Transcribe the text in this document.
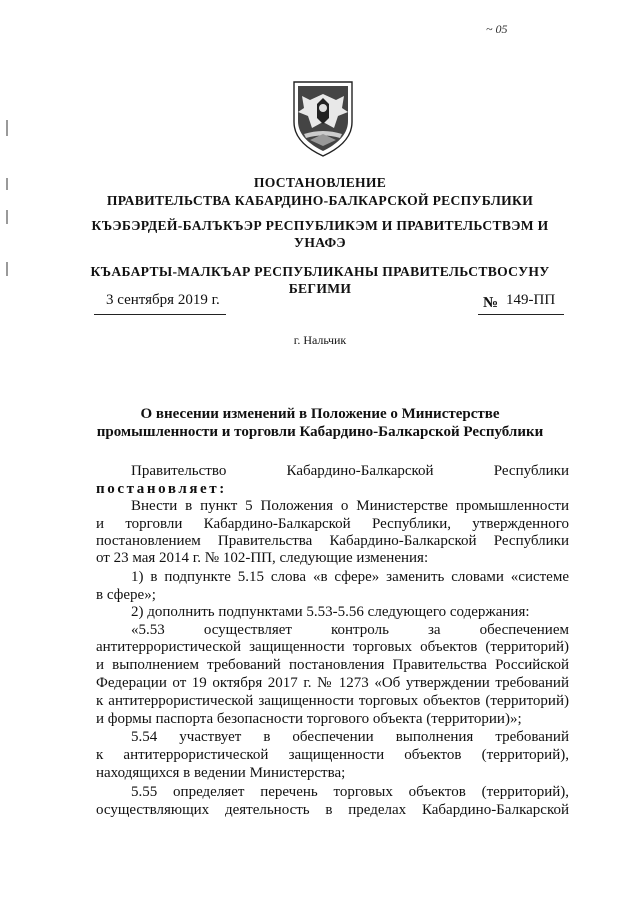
~ 05
ПОСТАНОВЛЕНИЕ
ПРАВИТЕЛЬСТВА КАБАРДИНО-БАЛКАРСКОЙ РЕСПУБЛИКИ
КЪЭБЭРДЕЙ-БАЛЪКЪЭР РЕСПУБЛИКЭМ И ПРАВИТЕЛЬСТВЭМ И
УНАФЭ
КЪАБАРТЫ-МАЛКЪАР РЕСПУБЛИКАНЫ ПРАВИТЕЛЬСТВОСУНУ
БЕГИМИ
3 сентября 2019 г.	№ 149-ПП
г. Нальчик
О внесении изменений в Положение о Министерстве
промышленности и торговли Кабардино-Балкарской Республики
Правительство Кабардино-Балкарской Республики
постановляет:
Внести в пункт 5 Положения о Министерстве промышленности
и торговли Кабардино-Балкарской Республики, утвержденного
постановлением Правительства Кабардино-Балкарской Республики
от 23 мая 2014 г. № 102-ПП, следующие изменения:
1) в подпункте 5.15 слова «в сфере» заменить словами «системе
в сфере»;
2) дополнить подпунктами 5.53-5.56 следующего содержания:
«5.53 осуществляет контроль за обеспечением
антитеррористической защищенности торговых объектов (территорий)
и выполнением требований постановления Правительства Российской
Федерации от 19 октября 2017 г. № 1273 «Об утверждении требований
к антитеррористической защищенности торговых объектов (территорий)
и формы паспорта безопасности торгового объекта (территории)»;
5.54 участвует в обеспечении выполнения требований
к антитеррористической защищенности объектов (территорий),
находящихся в ведении Министерства;
5.55 определяет перечень торговых объектов (территорий),
осуществляющих деятельность в пределах Кабардино-Балкарской
